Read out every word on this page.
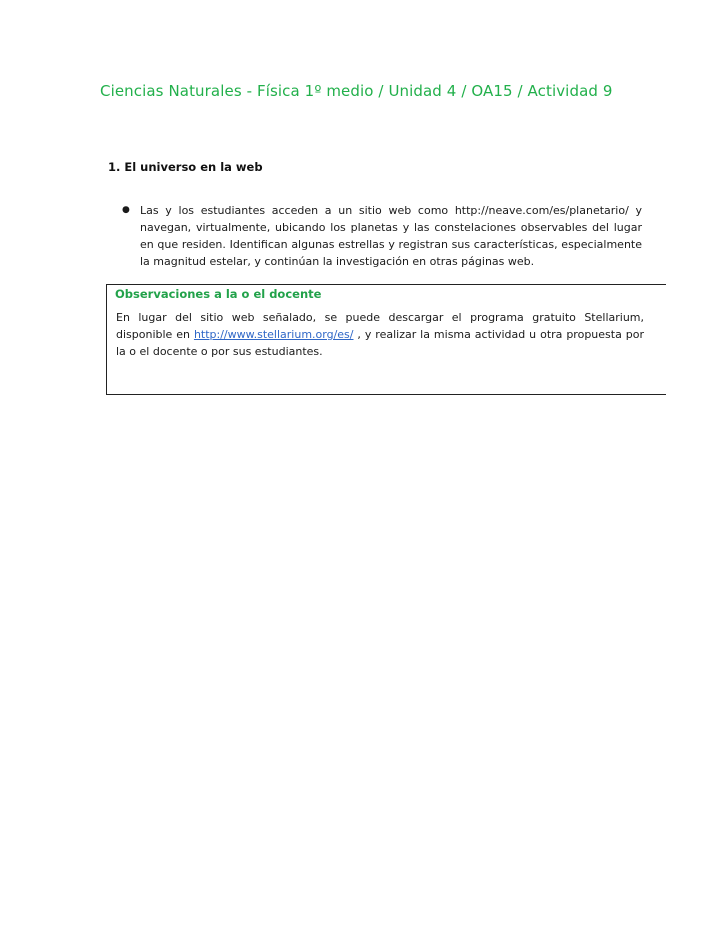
Ciencias Naturales - Física 1º medio / Unidad 4 / OA15 / Actividad 9
1. El universo en la web
● Las y los estudiantes acceden a un sitio web como http://neave.com/es/planetario/ y navegan, virtualmente, ubicando los planetas y las constelaciones observables del lugar en que residen. Identifican algunas estrellas y registran sus características, especialmente la magnitud estelar, y continúan la investigación en otras páginas web.
Observaciones a la o el docente
En lugar del sitio web señalado, se puede descargar el programa gratuito Stellarium, disponible en http://www.stellarium.org/es/ , y realizar la misma actividad u otra propuesta por la o el docente o por sus estudiantes.
